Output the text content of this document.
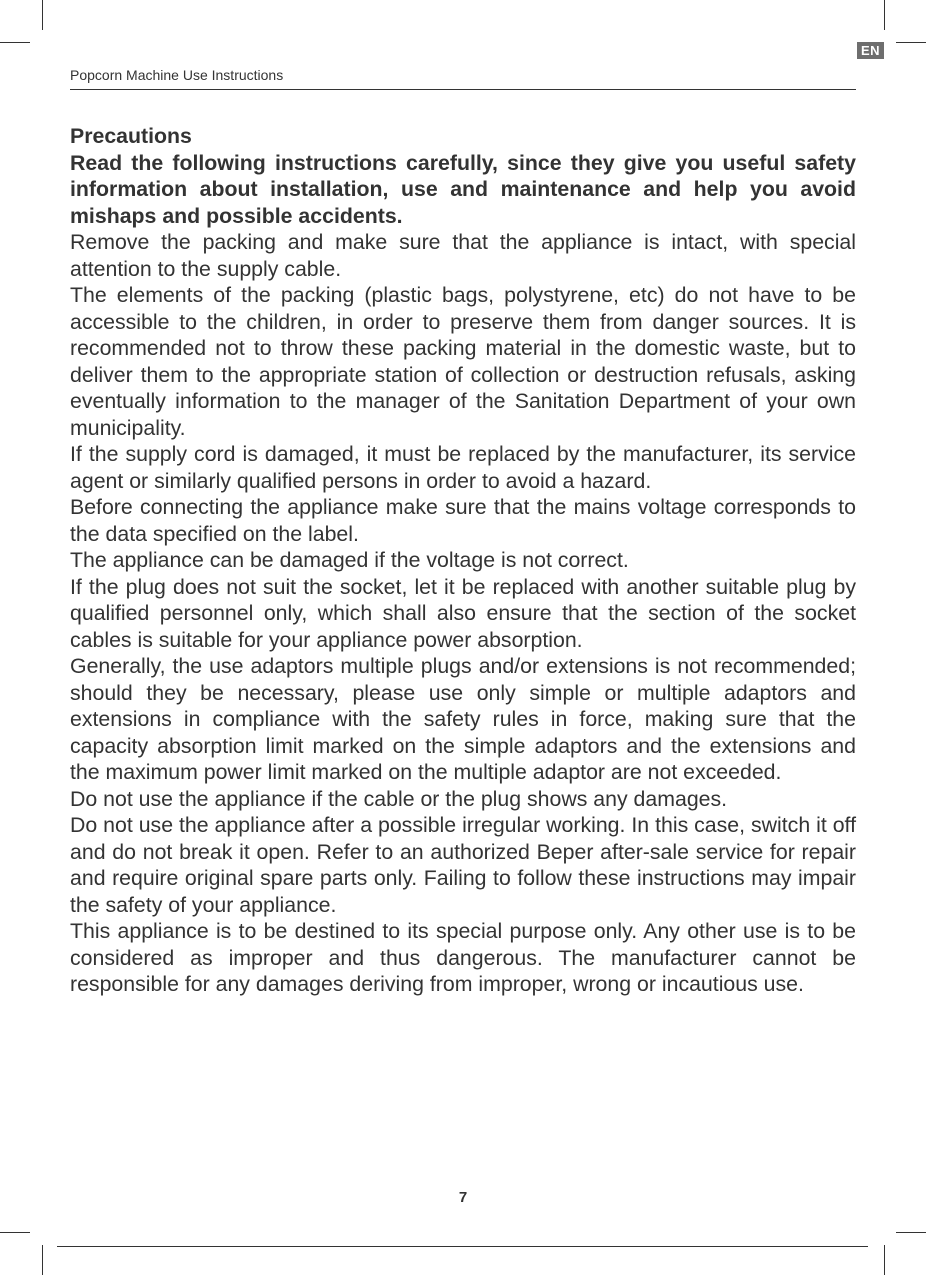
EN
Popcorn Machine Use Instructions

Precautions

Read the following instructions carefully, since they give you useful safety information about installation, use and maintenance and help you avoid mishaps and possible accidents.

Remove the packing and make sure that the appliance is intact, with special attention to the supply cable.

The elements of the packing (plastic bags, polystyrene, etc) do not have to be accessible to the children, in order to preserve them from danger sources. It is recommended not to throw these packing material in the domestic waste, but to deliver them to the appropriate station of collection or destruction refusals, asking eventually information to the manager of the Sanitation Department of your own municipality.

If the supply cord is damaged, it must be replaced by the manufacturer, its service agent or similarly qualified persons in order to avoid a hazard.

Before connecting the appliance make sure that the mains voltage corresponds to the data specified on the label.

The appliance can be damaged if the voltage is not correct.

If the plug does not suit the socket, let it be replaced with another suitable plug by qualified personnel only, which shall also ensure that the section of the socket cables is suitable for your appliance power absorption.

Generally, the use adaptors multiple plugs and/or extensions is not recommended; should they be necessary, please use only simple or multiple adaptors and extensions in compliance with the safety rules in force, making sure that the capacity absorption limit marked on the simple adaptors and the extensions and the maximum power limit marked on the multiple adaptor are not exceeded.

Do not use the appliance if the cable or the plug shows any damages.

Do not use the appliance after a possible irregular working. In this case, switch it off and do not break it open. Refer to an authorized Beper after-sale service for repair and require original spare parts only. Failing to follow these instructions may impair the safety of your appliance.

This appliance is to be destined to its special purpose only. Any other use is to be considered as improper and thus dangerous. The manufacturer cannot be responsible for any damages deriving from improper, wrong or incautious use.

7
